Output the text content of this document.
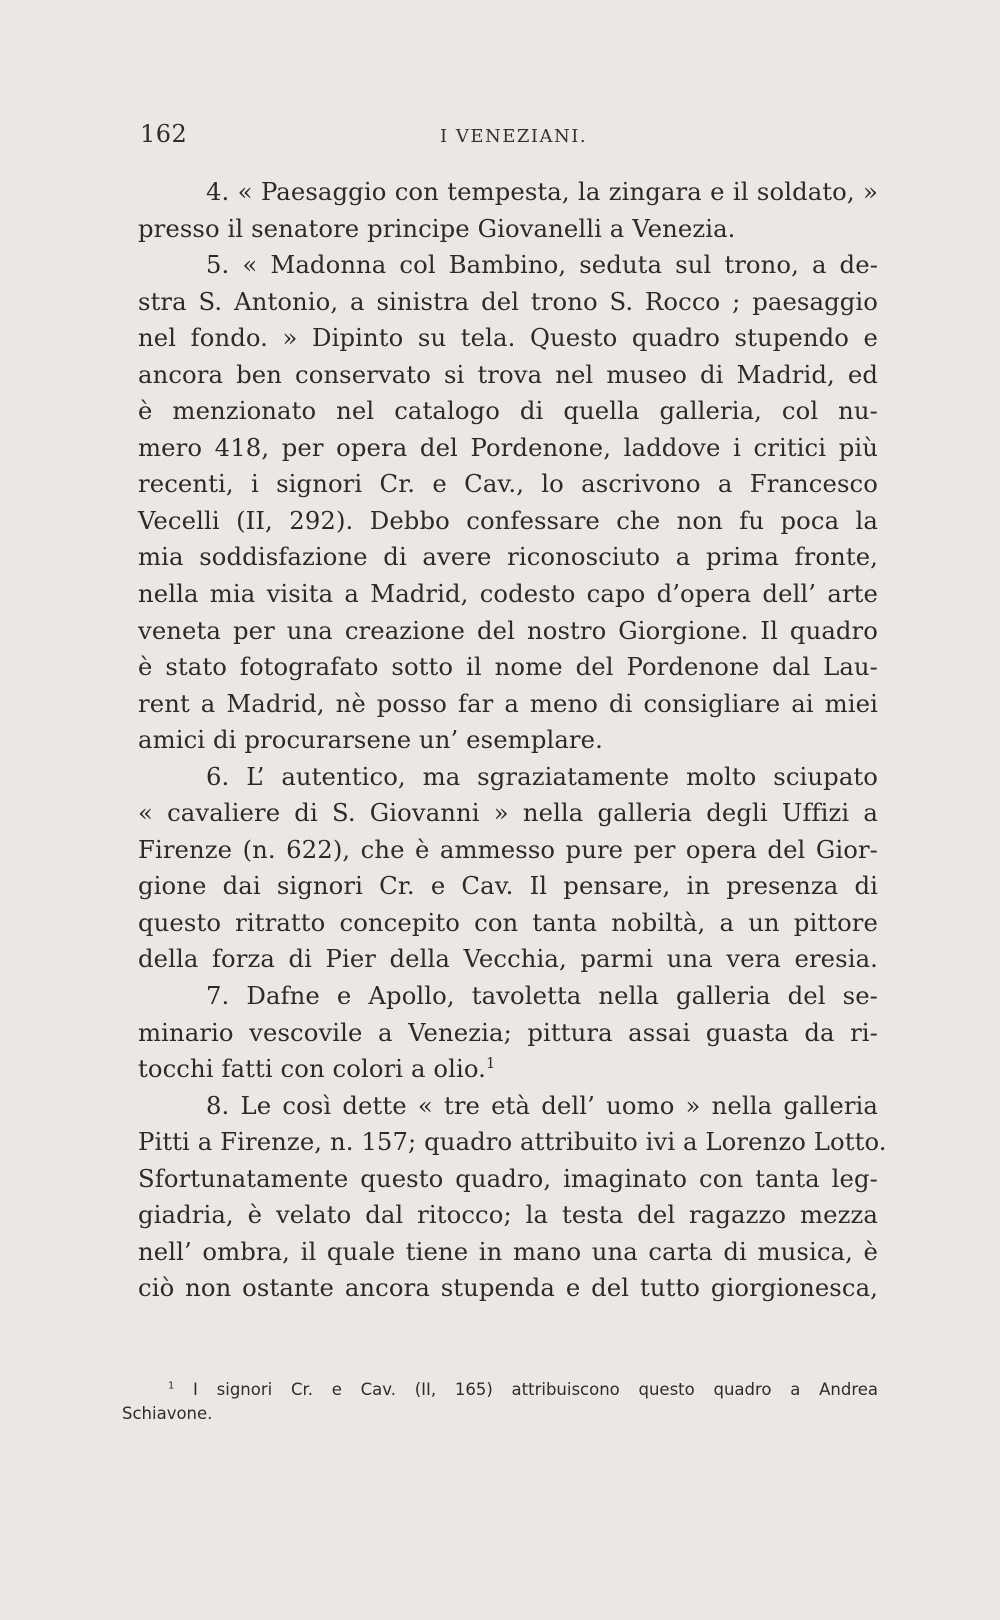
162	I VENEZIANI.
4. « Paesaggio con tempesta, la zingara e il soldato, »
presso il senatore principe Giovanelli a Venezia.
5. « Madonna col Bambino, seduta sul trono, a de-
stra S. Antonio, a sinistra del trono S. Rocco ; paesaggio
nel fondo. » Dipinto su tela. Questo quadro stupendo e
ancora ben conservato si trova nel museo di Madrid, ed
è menzionato nel catalogo di quella galleria, col nu-
mero 418, per opera del Pordenone, laddove i critici più
recenti, i signori Cr. e Cav., lo ascrivono a Francesco
Vecelli (II, 292). Debbo confessare che non fu poca la
mia soddisfazione di avere riconosciuto a prima fronte,
nella mia visita a Madrid, codesto capo d’opera dell’ arte
veneta per una creazione del nostro Giorgione. Il quadro
è stato fotografato sotto il nome del Pordenone dal Lau-
rent a Madrid, nè posso far a meno di consigliare ai miei
amici di procurarsene un’ esemplare.
6. L’ autentico, ma sgraziatamente molto sciupato
« cavaliere di S. Giovanni » nella galleria degli Uffizi a
Firenze (n. 622), che è ammesso pure per opera del Gior-
gione dai signori Cr. e Cav. Il pensare, in presenza di
questo ritratto concepito con tanta nobiltà, a un pittore
della forza di Pier della Vecchia, parmi una vera eresia.
7. Dafne e Apollo, tavoletta nella galleria del se-
minario vescovile a Venezia; pittura assai guasta da ri-
tocchi fatti con colori a olio.$^1$
8. Le così dette « tre età dell’ uomo » nella galleria
Pitti a Firenze, n. 157; quadro attribuito ivi a Lorenzo Lotto.
Sfortunatamente questo quadro, imaginato con tanta leg-
giadria, è velato dal ritocco; la testa del ragazzo mezza
nell’ ombra, il quale tiene in mano una carta di musica, è
ciò non ostante ancora stupenda e del tutto giorgionesca,
$^1$ I signori Cr. e Cav. (II, 165) attribuiscono questo quadro a Andrea
Schiavone.
